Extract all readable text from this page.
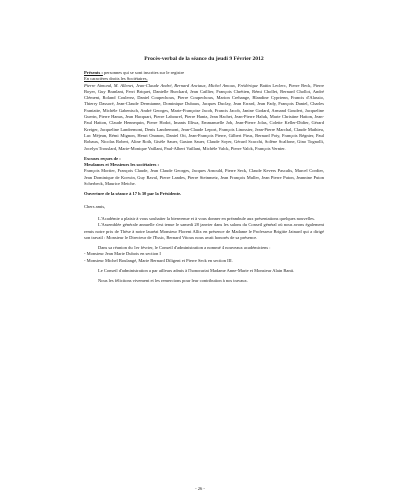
Procès-verbal de la séance du jeudi 9 Février 2012

Présents : personnes qui se sont inscrites sur le registre

En caractères droits les Sociétaires,

Pierre Aimond, M. Allenet, Jean-Claude André, Bernard Anciaux, Michel Amoux, Frédérique Battin Leclerc, Pierre Beck, Pierre Boyer, Guy Branlant, Ferri Briquet, Danielle Burckard, Jean Caillier, François Chrétien, Rémi Chollet, Bernard Chollot, André Clément, Roland Coulerez, Daniel Coupechoux, Pierre Coupechoux, Marion Crehange, Blandine Cyprienn, Francis d'Alassio, Thierry Dassoré, Jean-Claude Dermianne, Dominique Dubaux, Jacques Duclay, Jean Errard, Jean Fady, François Daniel, Charles Franiatte, Michèle Gabenisch, André Georges, Marie-Françoise Jacob, Francis Jacob, Janine Godard, Armand Goudert, Jacqueline Guerin, Pierre Hanus, Jean Hacquart, Pierre Labourel, Pierre Hantz, Jean Hachet, Jean-Pierre Haluk, Marie Christine Hatton, Jean-Paul Hatton, Claude Hennequin, Pierre Hodot, Imants Illiwa, Emmanuelle Job, Jean-Pierre Jolas, Colette Keller-Didier, Gérard Kreiger, Jacqueline Landremont, Denis Landremont, Jean-Claude Leport, François Linossier, Jean-Pierre Marchal, Claude Mathieu, Luc Méjean, Rémi Mignon, Henri Onanon, Daniel Ott, Jean-François Pierre, Gilbert Pirus, Bernard Poty, François Régnier, Paul Robaux, Nicolas Robert, Aline Roth, Gisèle Sauer, Gaston Sauer, Claude Soyer, Gérard Scacchi, Solène Scalfone, Gino Tognolli, Jocelyn Trouslard, Marie-Monique Vaillant, Paul-Albert Vaillant, Michèle Valck, Pierre Valck, François Vernier.

Excuses reçues de :

Mesdames et Messieurs les sociétaires :

François Mortier, François Claude, Jean Claude Georges, Jacques Arnould, Pierre Seck, Claude Kevers Pascalis, Marcel Cordier, Jean Dominique de Korwin, Guy Raval, Pierre Landes, Pierre Steinmetz, Jean François Muller, Jean Pierre Puton, Jeannine Puton Scherbeck, Maurice Metche.

Ouverture de la séance à 17 h 30 par la Présidente.

Chers amis,

L'Académie a plaisir à vous souhaiter la bienvenue et à vous donner en préambule aux présentations quelques nouvelles.

L'Assemblée générale annuelle s'est tenue le samedi 28 janvier dans les salons du Conseil général où nous avons également remis notre prix de Thèse à notre lauréat Monsieur Florent Allix en présence de Madame le Professeur Brigitte Jainard qui a dirigé son travail : Monsieur le Directeur de l'Essic, Bernard Vitoux nous avait honorés de sa présence.

Dans sa réunion du 1er février, le Conseil d'administration a nommé 4 nouveaux académiciens :

- Monsieur Jean Marie Dubois en section I

- Monsieur Michel Boulangé, Marie Bernard Diligent et Pierre Seck en section III.

Le Conseil d'administration a par ailleurs admis à l'honorariat Madame Anne-Marie et Monsieur Alain Banti.

Nous les félicitons vivement et les remercions pour leur contribution à nos travaux.

- 26 -
